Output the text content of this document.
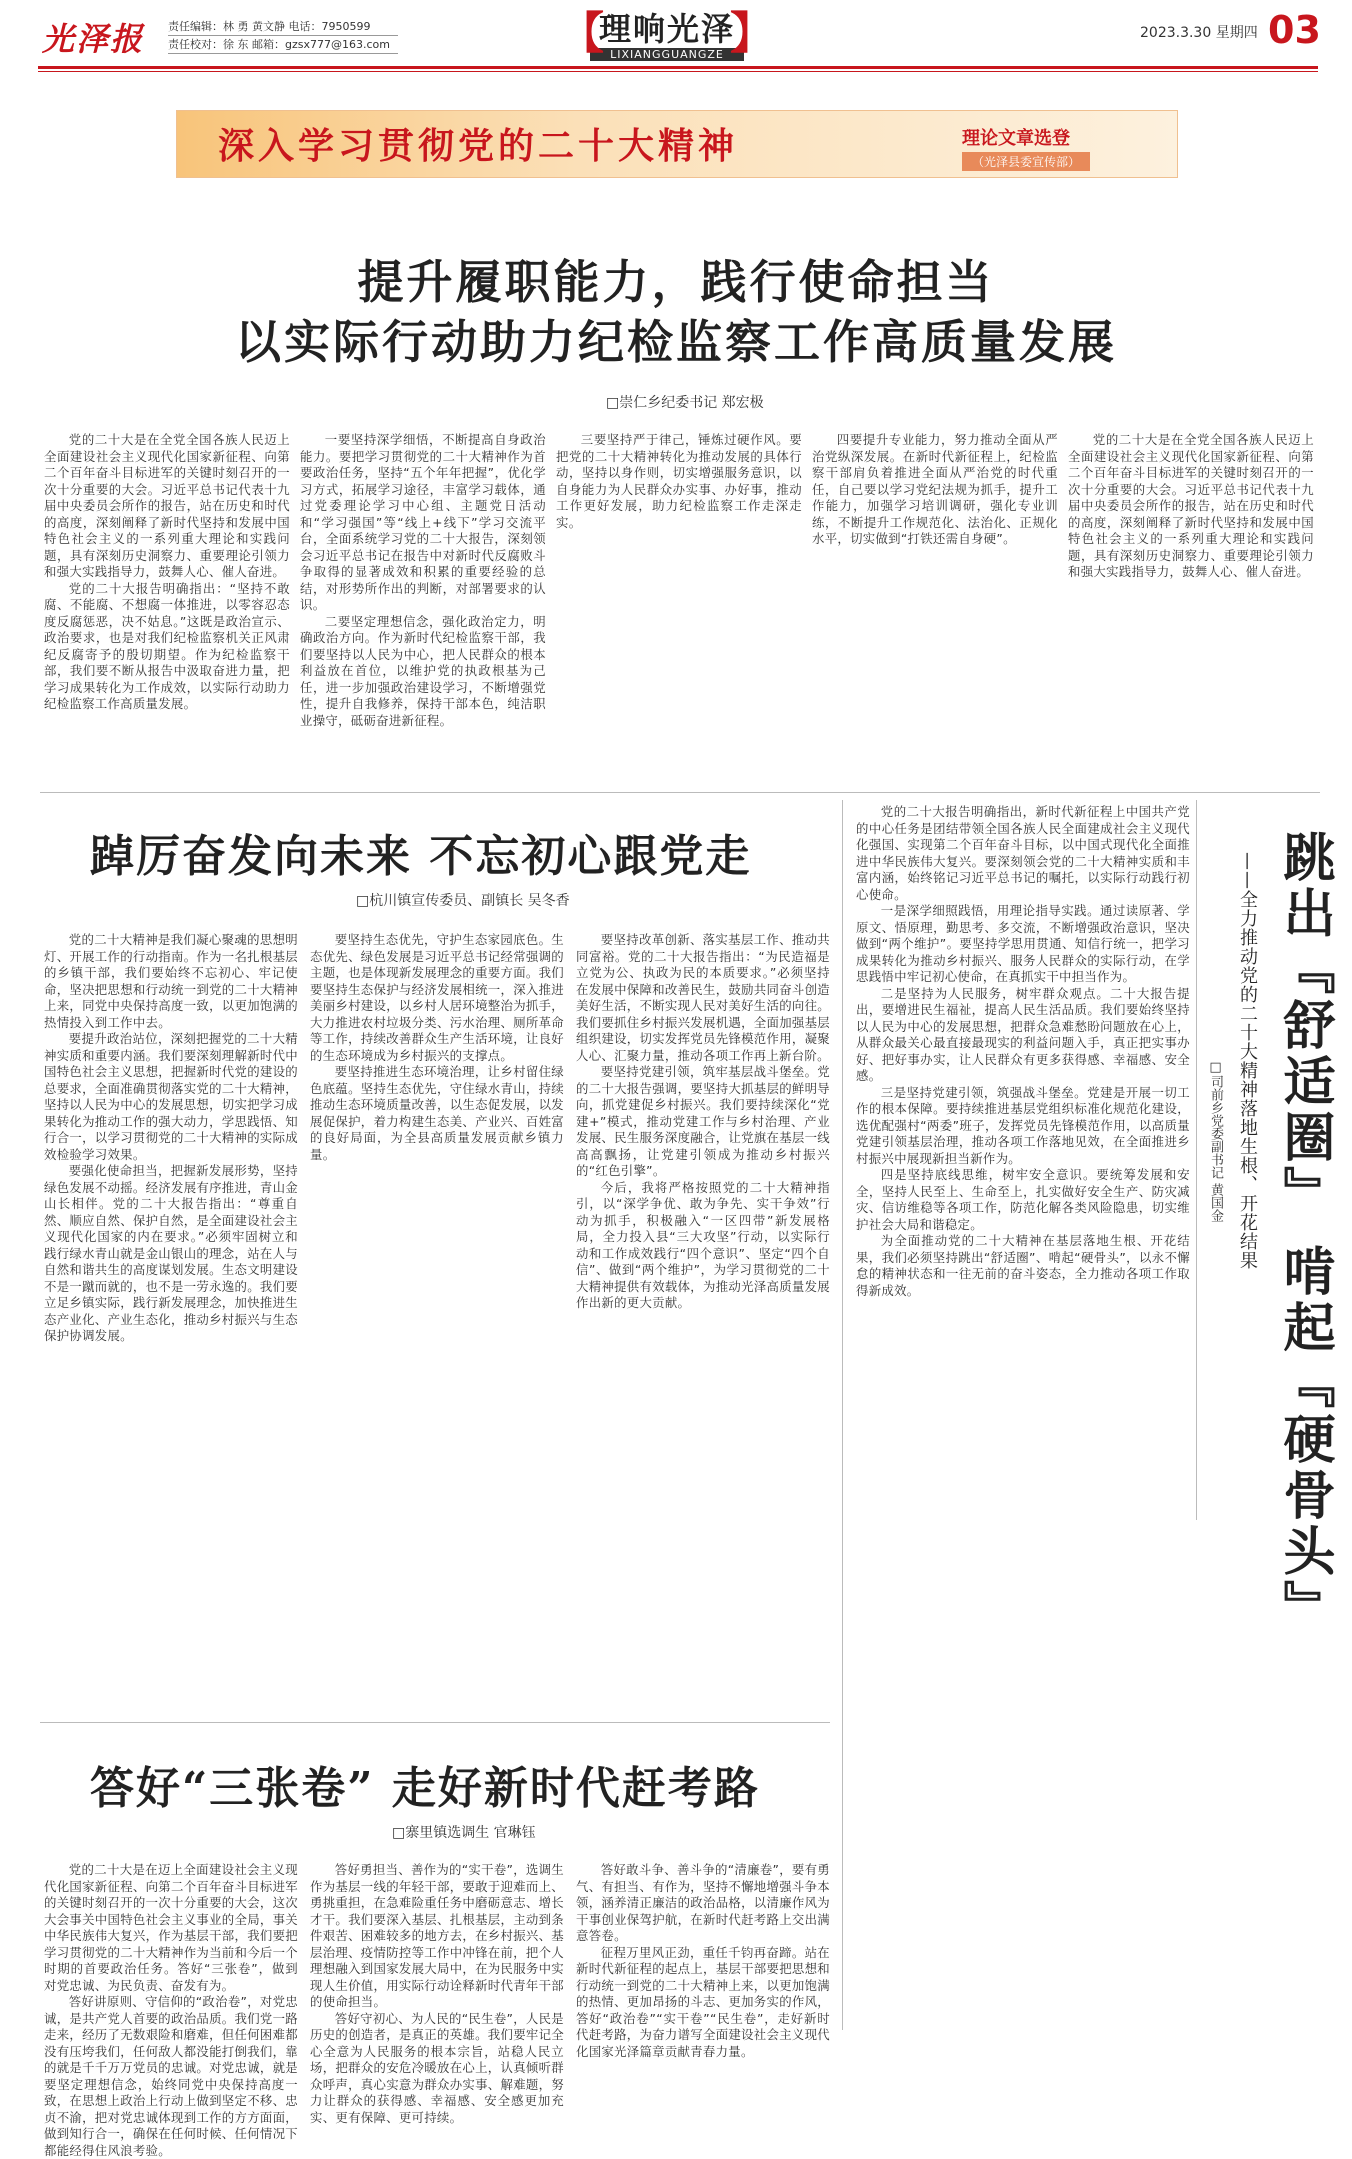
光泽报 责任编辑：林 勇 黄文静 电话：7950599
责任校对：徐 东 邮箱：gzsx777@163.com	【
理响光泽
LIXIANGGUANGZE 】	2023.3.30 星期四 03
深入学习贯彻党的二十大精神	理论文章选登
（光泽县委宣传部）
提升履职能力，践行使命担当
以实际行动助力纪检监察工作高质量发展
□崇仁乡纪委书记 郑宏极

党的二十大是在全党全国各族人民迈上全面建设社会主义现代化国家新征程、向第二个百年奋斗目标进军的关键时刻召开的一次十分重要的大会。习近平总书记代表十九届中央委员会所作的报告，站在历史和时代的高度，深刻阐释了新时代坚持和发展中国特色社会主义的一系列重大理论和实践问题，具有深刻历史洞察力、重要理论引领力和强大实践指导力，鼓舞人心、催人奋进。

党的二十大报告明确指出：“坚持不敢腐、不能腐、不想腐一体推进，以零容忍态度反腐惩恶，决不姑息。”这既是政治宣示、政治要求，也是对我们纪检监察机关正风肃纪反腐寄予的殷切期望。作为纪检监察干部，我们要不断从报告中汲取奋进力量，把学习成果转化为工作成效，以实际行动助力纪检监察工作高质量发展。

一要坚持深学细悟，不断提高自身政治能力。要把学习贯彻党的二十大精神作为首要政治任务，坚持“五个年年把握”，优化学习方式，拓展学习途径，丰富学习载体，通过党委理论学习中心组、主题党日活动和“学习强国”等“线上+线下”学习交流平台，全面系统学习党的二十大报告，深刻领会习近平总书记在报告中对新时代反腐败斗争取得的显著成效和积累的重要经验的总结，对形势所作出的判断，对部署要求的认识。

二要坚定理想信念，强化政治定力，明确政治方向。作为新时代纪检监察干部，我们要坚持以人民为中心，把人民群众的根本利益放在首位，以维护党的执政根基为己任，进一步加强政治建设学习，不断增强党性，提升自我修养，保持干部本色，纯洁职业操守，砥砺奋进新征程。

三要坚持严于律己，锤炼过硬作风。要把党的二十大精神转化为推动发展的具体行动，坚持以身作则，切实增强服务意识，以自身能力为人民群众办实事、办好事，推动工作更好发展，助力纪检监察工作走深走实。

四要提升专业能力，努力推动全面从严治党纵深发展。在新时代新征程上，纪检监察干部肩负着推进全面从严治党的时代重任，自己要以学习党纪法规为抓手，提升工作能力，加强学习培训调研，强化专业训练，不断提升工作规范化、法治化、正规化水平，切实做到“打铁还需自身硬”。

党的二十大是在全党全国各族人民迈上全面建设社会主义现代化国家新征程、向第二个百年奋斗目标进军的关键时刻召开的一次十分重要的大会。习近平总书记代表十九届中央委员会所作的报告，站在历史和时代的高度，深刻阐释了新时代坚持和发展中国特色社会主义的一系列重大理论和实践问题，具有深刻历史洞察力、重要理论引领力和强大实践指导力，鼓舞人心、催人奋进。

踔厉奋发向未来 不忘初心跟党走
□杭川镇宣传委员、副镇长 吴冬香

党的二十大精神是我们凝心聚魂的思想明灯、开展工作的行动指南。作为一名扎根基层的乡镇干部，我们要始终不忘初心、牢记使命，坚决把思想和行动统一到党的二十大精神上来，同党中央保持高度一致，以更加饱满的热情投入到工作中去。

要提升政治站位，深刻把握党的二十大精神实质和重要内涵。我们要深刻理解新时代中国特色社会主义思想，把握新时代党的建设的总要求，全面准确贯彻落实党的二十大精神，坚持以人民为中心的发展思想，切实把学习成果转化为推动工作的强大动力，学思践悟、知行合一，以学习贯彻党的二十大精神的实际成效检验学习效果。

要强化使命担当，把握新发展形势，坚持绿色发展不动摇。经济发展有序推进，青山金山长相伴。党的二十大报告指出：“尊重自然、顺应自然、保护自然，是全面建设社会主义现代化国家的内在要求。”必须牢固树立和践行绿水青山就是金山银山的理念，站在人与自然和谐共生的高度谋划发展。生态文明建设不是一蹴而就的，也不是一劳永逸的。我们要立足乡镇实际，践行新发展理念，加快推进生态产业化、产业生态化，推动乡村振兴与生态保护协调发展。

要坚持生态优先，守护生态家园底色。生态优先、绿色发展是习近平总书记经常强调的主题，也是体现新发展理念的重要方面。我们要坚持生态保护与经济发展相统一，深入推进美丽乡村建设，以乡村人居环境整治为抓手，大力推进农村垃圾分类、污水治理、厕所革命等工作，持续改善群众生产生活环境，让良好的生态环境成为乡村振兴的支撑点。

要坚持推进生态环境治理，让乡村留住绿色底蕴。坚持生态优先，守住绿水青山，持续推动生态环境质量改善，以生态促发展，以发展促保护，着力构建生态美、产业兴、百姓富的良好局面，为全县高质量发展贡献乡镇力量。

要坚持改革创新、落实基层工作、推动共同富裕。党的二十大报告指出：“为民造福是立党为公、执政为民的本质要求。”必须坚持在发展中保障和改善民生，鼓励共同奋斗创造美好生活，不断实现人民对美好生活的向往。我们要抓住乡村振兴发展机遇，全面加强基层组织建设，切实发挥党员先锋模范作用，凝聚人心、汇聚力量，推动各项工作再上新台阶。

要坚持党建引领，筑牢基层战斗堡垒。党的二十大报告强调，要坚持大抓基层的鲜明导向，抓党建促乡村振兴。我们要持续深化“党建+”模式，推动党建工作与乡村治理、产业发展、民生服务深度融合，让党旗在基层一线高高飘扬，让党建引领成为推动乡村振兴的“红色引擎”。

今后，我将严格按照党的二十大精神指引，以“深学争优、敢为争先、实干争效”行动为抓手，积极融入“一区四带”新发展格局，全力投入县“三大攻坚”行动，以实际行动和工作成效践行“四个意识”、坚定“四个自信”、做到“两个维护”，为学习贯彻党的二十大精神提供有效载体，为推动光泽高质量发展作出新的更大贡献。

答好“三张卷” 走好新时代赶考路
□寨里镇选调生 官琳钰

党的二十大是在迈上全面建设社会主义现代化国家新征程、向第二个百年奋斗目标进军的关键时刻召开的一次十分重要的大会，这次大会事关中国特色社会主义事业的全局，事关中华民族伟大复兴，作为基层干部，我们要把学习贯彻党的二十大精神作为当前和今后一个时期的首要政治任务。答好“三张卷”，做到对党忠诚、为民负责、奋发有为。

答好讲原则、守信仰的“政治卷”，对党忠诚，是共产党人首要的政治品质。我们党一路走来，经历了无数艰险和磨难，但任何困难都没有压垮我们，任何敌人都没能打倒我们，靠的就是千千万万党员的忠诚。对党忠诚，就是要坚定理想信念，始终同党中央保持高度一致，在思想上政治上行动上做到坚定不移、忠贞不渝，把对党忠诚体现到工作的方方面面，做到知行合一，确保在任何时候、任何情况下都能经得住风浪考验。

答好勇担当、善作为的“实干卷”，选调生作为基层一线的年轻干部，要敢于迎难而上、勇挑重担，在急难险重任务中磨砺意志、增长才干。我们要深入基层、扎根基层，主动到条件艰苦、困难较多的地方去，在乡村振兴、基层治理、疫情防控等工作中冲锋在前，把个人理想融入到国家发展大局中，在为民服务中实现人生价值，用实际行动诠释新时代青年干部的使命担当。

答好守初心、为人民的“民生卷”，人民是历史的创造者，是真正的英雄。我们要牢记全心全意为人民服务的根本宗旨，站稳人民立场，把群众的安危冷暖放在心上，认真倾听群众呼声，真心实意为群众办实事、解难题，努力让群众的获得感、幸福感、安全感更加充实、更有保障、更可持续。

答好敢斗争、善斗争的“清廉卷”，要有勇气、有担当、有作为，坚持不懈地增强斗争本领，涵养清正廉洁的政治品格，以清廉作风为干事创业保驾护航，在新时代赶考路上交出满意答卷。

征程万里风正劲，重任千钧再奋蹄。站在新时代新征程的起点上，基层干部要把思想和行动统一到党的二十大精神上来，以更加饱满的热情、更加昂扬的斗志、更加务实的作风，答好“政治卷”“实干卷”“民生卷”，走好新时代赶考路，为奋力谱写全面建设社会主义现代化国家光泽篇章贡献青春力量。

跳出『舒适圈』 啃起『硬骨头』
——全力推动党的二十大精神落地生根、开花结果
□司前乡党委副书记 黄国金

党的二十大报告明确指出，新时代新征程上中国共产党的中心任务是团结带领全国各族人民全面建成社会主义现代化强国、实现第二个百年奋斗目标，以中国式现代化全面推进中华民族伟大复兴。要深刻领会党的二十大精神实质和丰富内涵，始终铭记习近平总书记的嘱托，以实际行动践行初心使命。

一是深学细照践悟，用理论指导实践。通过读原著、学原文、悟原理，勤思考、多交流，不断增强政治意识，坚决做到“两个维护”。要坚持学思用贯通、知信行统一，把学习成果转化为推动乡村振兴、服务人民群众的实际行动，在学思践悟中牢记初心使命，在真抓实干中担当作为。

二是坚持为人民服务，树牢群众观点。二十大报告提出，要增进民生福祉，提高人民生活品质。我们要始终坚持以人民为中心的发展思想，把群众急难愁盼问题放在心上，从群众最关心最直接最现实的利益问题入手，真正把实事办好、把好事办实，让人民群众有更多获得感、幸福感、安全感。

三是坚持党建引领，筑强战斗堡垒。党建是开展一切工作的根本保障。要持续推进基层党组织标准化规范化建设，选优配强村“两委”班子，发挥党员先锋模范作用，以高质量党建引领基层治理，推动各项工作落地见效，在全面推进乡村振兴中展现新担当新作为。

四是坚持底线思维，树牢安全意识。要统筹发展和安全，坚持人民至上、生命至上，扎实做好安全生产、防灾减灾、信访维稳等各项工作，防范化解各类风险隐患，切实维护社会大局和谐稳定。

为全面推动党的二十大精神在基层落地生根、开花结果，我们必须坚持跳出“舒适圈”、啃起“硬骨头”，以永不懈怠的精神状态和一往无前的奋斗姿态，全力推动各项工作取得新成效。
